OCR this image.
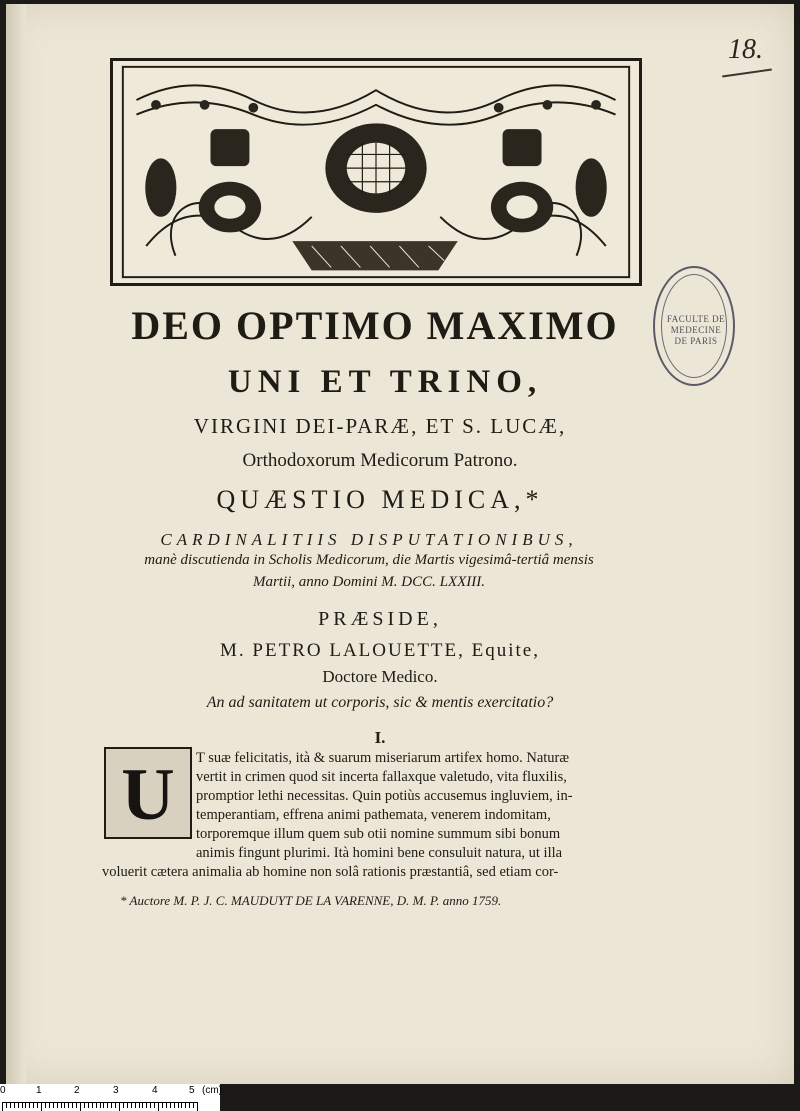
18.
FACULTE DE MEDECINE DE PARIS
DEO OPTIMO MAXIMO
UNI ET TRINO,
VIRGINI DEI-PARÆ, ET S. LUCÆ,
Orthodoxorum Medicorum Patrono.
QUÆSTIO MEDICA,*
CARDINALITIIS DISPUTATIONIBUS,
manè discutienda in Scholis Medicorum, die Martis vigesimâ-tertiâ mensis
Martii, anno Domini M. DCC. LXXIII.
PRÆSIDE,
M. PETRO LALOUETTE, Equite,
Doctore Medico.
An ad sanitatem ut corporis, sic & mentis exercitatio?
I.
U	T suæ felicitatis, ità & suarum miseriarum artifex homo. Naturæ
vertit in crimen quod sit incerta fallaxque valetudo, vita fluxilis,
promptior lethi necessitas. Quin potiùs accusemus ingluviem, in-
temperantiam, effrena animi pathemata, venerem indomitam,
torporemque illum quem sub otii nomine summum sibi bonum
animis fingunt plurimi. Ità homini bene consuluit natura, ut illa
voluerit cætera animalia ab homine non solâ rationis præstantiâ, sed etiam cor-
* Auctore M. P. J. C. MAUDUYT DE LA VARENNE, D. M. P. anno 1759.
0	1	2	3	4	5 (cm)
